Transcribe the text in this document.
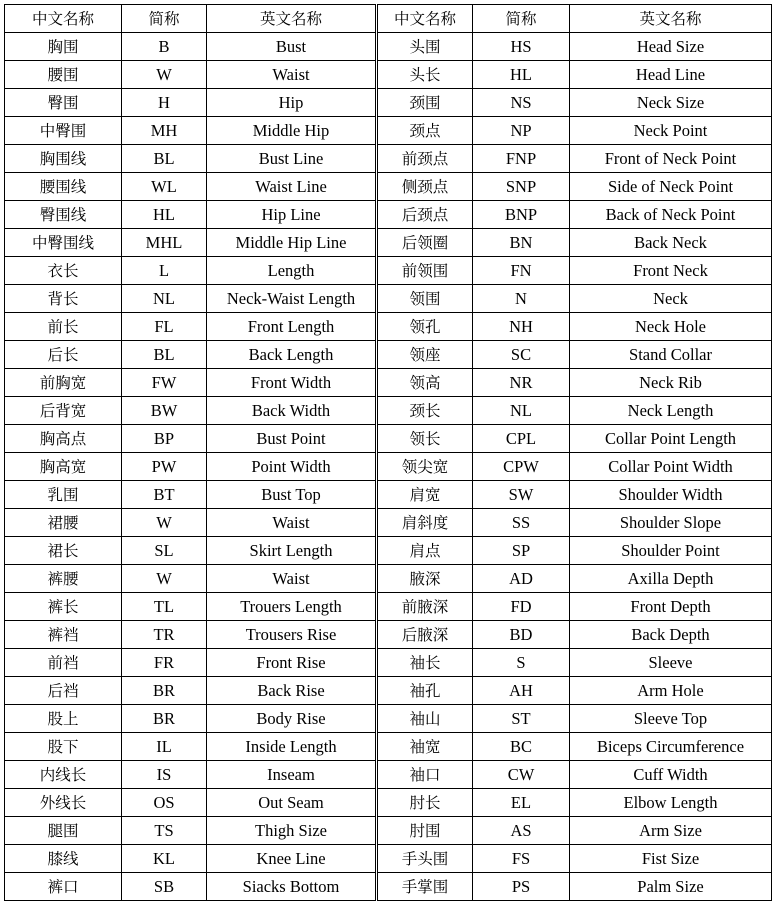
中文名称	简称	英文名称	中文名称	简称	英文名称
胸围	B	Bust	头围	HS	Head Size
腰围	W	Waist	头长	HL	Head Line
臀围	H	Hip	颈围	NS	Neck Size
中臀围	MH	Middle Hip	颈点	NP	Neck Point
胸围线	BL	Bust Line	前颈点	FNP	Front of Neck Point
腰围线	WL	Waist Line	侧颈点	SNP	Side of Neck Point
臀围线	HL	Hip Line	后颈点	BNP	Back of Neck Point
中臀围线	MHL	Middle Hip Line	后领圈	BN	Back Neck
衣长	L	Length	前领围	FN	Front Neck
背长	NL	Neck-Waist Length	领围	N	Neck
前长	FL	Front Length	领孔	NH	Neck Hole
后长	BL	Back Length	领座	SC	Stand Collar
前胸宽	FW	Front Width	领高	NR	Neck Rib
后背宽	BW	Back Width	颈长	NL	Neck Length
胸高点	BP	Bust Point	领长	CPL	Collar Point Length
胸高宽	PW	Point Width	领尖宽	CPW	Collar Point Width
乳围	BT	Bust Top	肩宽	SW	Shoulder Width
裙腰	W	Waist	肩斜度	SS	Shoulder Slope
裙长	SL	Skirt Length	肩点	SP	Shoulder Point
裤腰	W	Waist	腋深	AD	Axilla Depth
裤长	TL	Trouers Length	前腋深	FD	Front Depth
裤裆	TR	Trousers Rise	后腋深	BD	Back Depth
前裆	FR	Front Rise	袖长	S	Sleeve
后裆	BR	Back Rise	袖孔	AH	Arm Hole
股上	BR	Body Rise	袖山	ST	Sleeve Top
股下	IL	Inside Length	袖宽	BC	Biceps Circumference
内线长	IS	Inseam	袖口	CW	Cuff Width
外线长	OS	Out Seam	肘长	EL	Elbow Length
腿围	TS	Thigh Size	肘围	AS	Arm Size
膝线	KL	Knee Line	手头围	FS	Fist Size
裤口	SB	Siacks Bottom	手掌围	PS	Palm Size
